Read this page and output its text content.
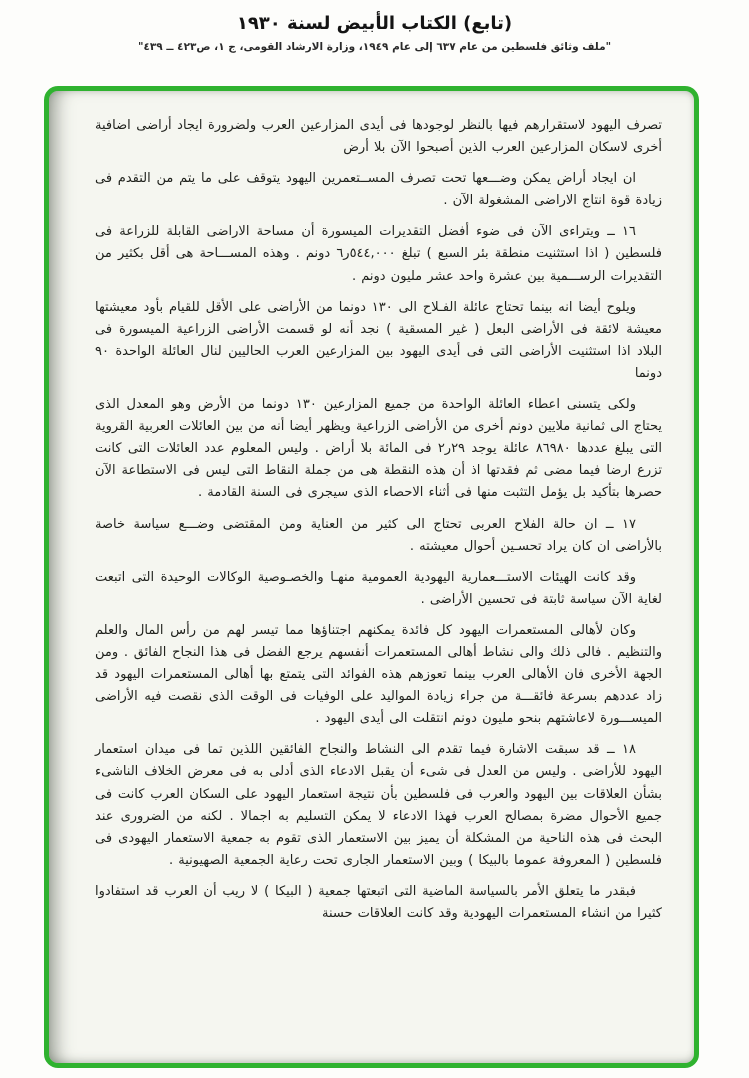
(تابع) الكتاب الأبيض لسنة ١٩٣٠
"ملف وثائق فلسطين من عام ٦٣٧ إلى عام ١٩٤٩، وزارة الارشاد القومى، ج ١، ص٤٢٣ ــ ٤٣٩"

تصرف اليهود لاستقرارهم فيها بالنظر لوجودها فى أيدى المزارعين العرب ولضرورة ايجاد أراضى اضافية أخرى لاسكان المزارعين العرب الذين أصبحوا الآن بلا أرض

ان ايجاد أراض يمكن وضـــعها تحت تصرف المســتعمرين اليهود يتوقف على ما يتم من التقدم فى زيادة قوة انتاج الاراضى المشغولة الآن .

١٦ ــ ويتراءى الآن فى ضوء أفضل التقديرات الميسورة أن مساحة الاراضى القابلة للزراعة فى فلسطين ( اذا استثنيت منطقة بئر السبع ) تبلغ ٥٤٤,٠٠٠ر٦ دونم . وهذه المســـاحة هى أقل بكثير من التقديرات الرســـمية بين عشرة واحد عشر مليون دونم .

ويلوح أيضا انه بينما تحتاج عائلة الفـلاح الى ١٣٠ دونما من الأراضى على الأقل للقيام بأود معيشتها معيشة لائقة فى الأراضى البعل ( غير المسقية ) نجد أنه لو قسمت الأراضى الزراعية الميسورة فى البلاد اذا استثنيت الأراضى التى فى أيدى اليهود بين المزارعين العرب الحاليين لنال العائلة الواحدة ٩٠ دونما

ولكى يتسنى اعطاء العائلة الواحدة من جميع المزارعين ١٣٠ دونما من الأرض وهو المعدل الذى يحتاج الى ثمانية ملايين دونم أخرى من الأراضى الزراعية ويظهر أيضا أنه من بين العائلات العربية القروية التى يبلغ عددها ٨٦٩٨٠ عائلة يوجد ٢٩ر٢ فى المائة بلا أراض . وليس المعلوم عدد العائلات التى كانت تزرع ارضا فيما مضى ثم فقدتها اذ أن هذه النقطة هى من جملة النقاط التى ليس فى الاستطاعة الآن حصرها بتأكيد بل يؤمل التثبت منها فى أثناء الاحصاء الذى سيجرى فى السنة القادمة .

١٧ ــ ان حالة الفلاح العربى تحتاج الى كثير من العناية ومن المقتضى وضـــع سياسة خاصة بالأراضى ان كان يراد تحسـين أحوال معيشته .

وقد كانت الهيئات الاستـــعمارية اليهودية العمومية منهـا والخصـوصية الوكالات الوحيدة التى اتبعت لغاية الآن سياسة ثابتة فى تحسين الأراضى .

وكان لأهالى المستعمرات اليهود كل فائدة يمكنهم اجتناؤها مما تيسر لهم من رأس المال والعلم والتنظيم . فالى ذلك والى نشاط أهالى المستعمرات أنفسهم يرجع الفضل فى هذا النجاح الفائق . ومن الجهة الأخرى فان الأهالى العرب بينما تعوزهم هذه الفوائد التى يتمتع بها أهالى المستعمرات اليهود قد زاد عددهم بسرعة فائقـــة من جراء زيادة المواليد على الوفيات فى الوقت الذى نقصت فيه الأراضى الميســـورة لاعاشتهم بنحو مليون دونم انتقلت الى أيدى اليهود .

١٨ ــ قد سبقت الاشارة فيما تقدم الى النشاط والنجاح الفائقين اللذين تما فى ميدان استعمار اليهود للأراضى . وليس من العدل فى شىء أن يقبل الادعاء الذى أدلى به فى معرض الخلاف الناشىء بشأن العلاقات بين اليهود والعرب فى فلسطين بأن نتيجة استعمار اليهود على السكان العرب كانت فى جميع الأحوال مضرة بمصالح العرب فهذا الادعاء لا يمكن التسليم به اجمالا . لكنه من الضرورى عند البحث فى هذه الناحية من المشكلة أن يميز بين الاستعمار الذى تقوم به جمعية الاستعمار اليهودى فى فلسطين ( المعروفة عموما بالبيكا ) وبين الاستعمار الجارى تحت رعاية الجمعية الصهيونية .

فبقدر ما يتعلق الأمر بالسياسة الماضية التى اتبعتها جمعية ( البيكا ) لا ريب أن العرب قد استفادوا كثيرا من انشاء المستعمرات اليهودية وقد كانت العلاقات حسنة
